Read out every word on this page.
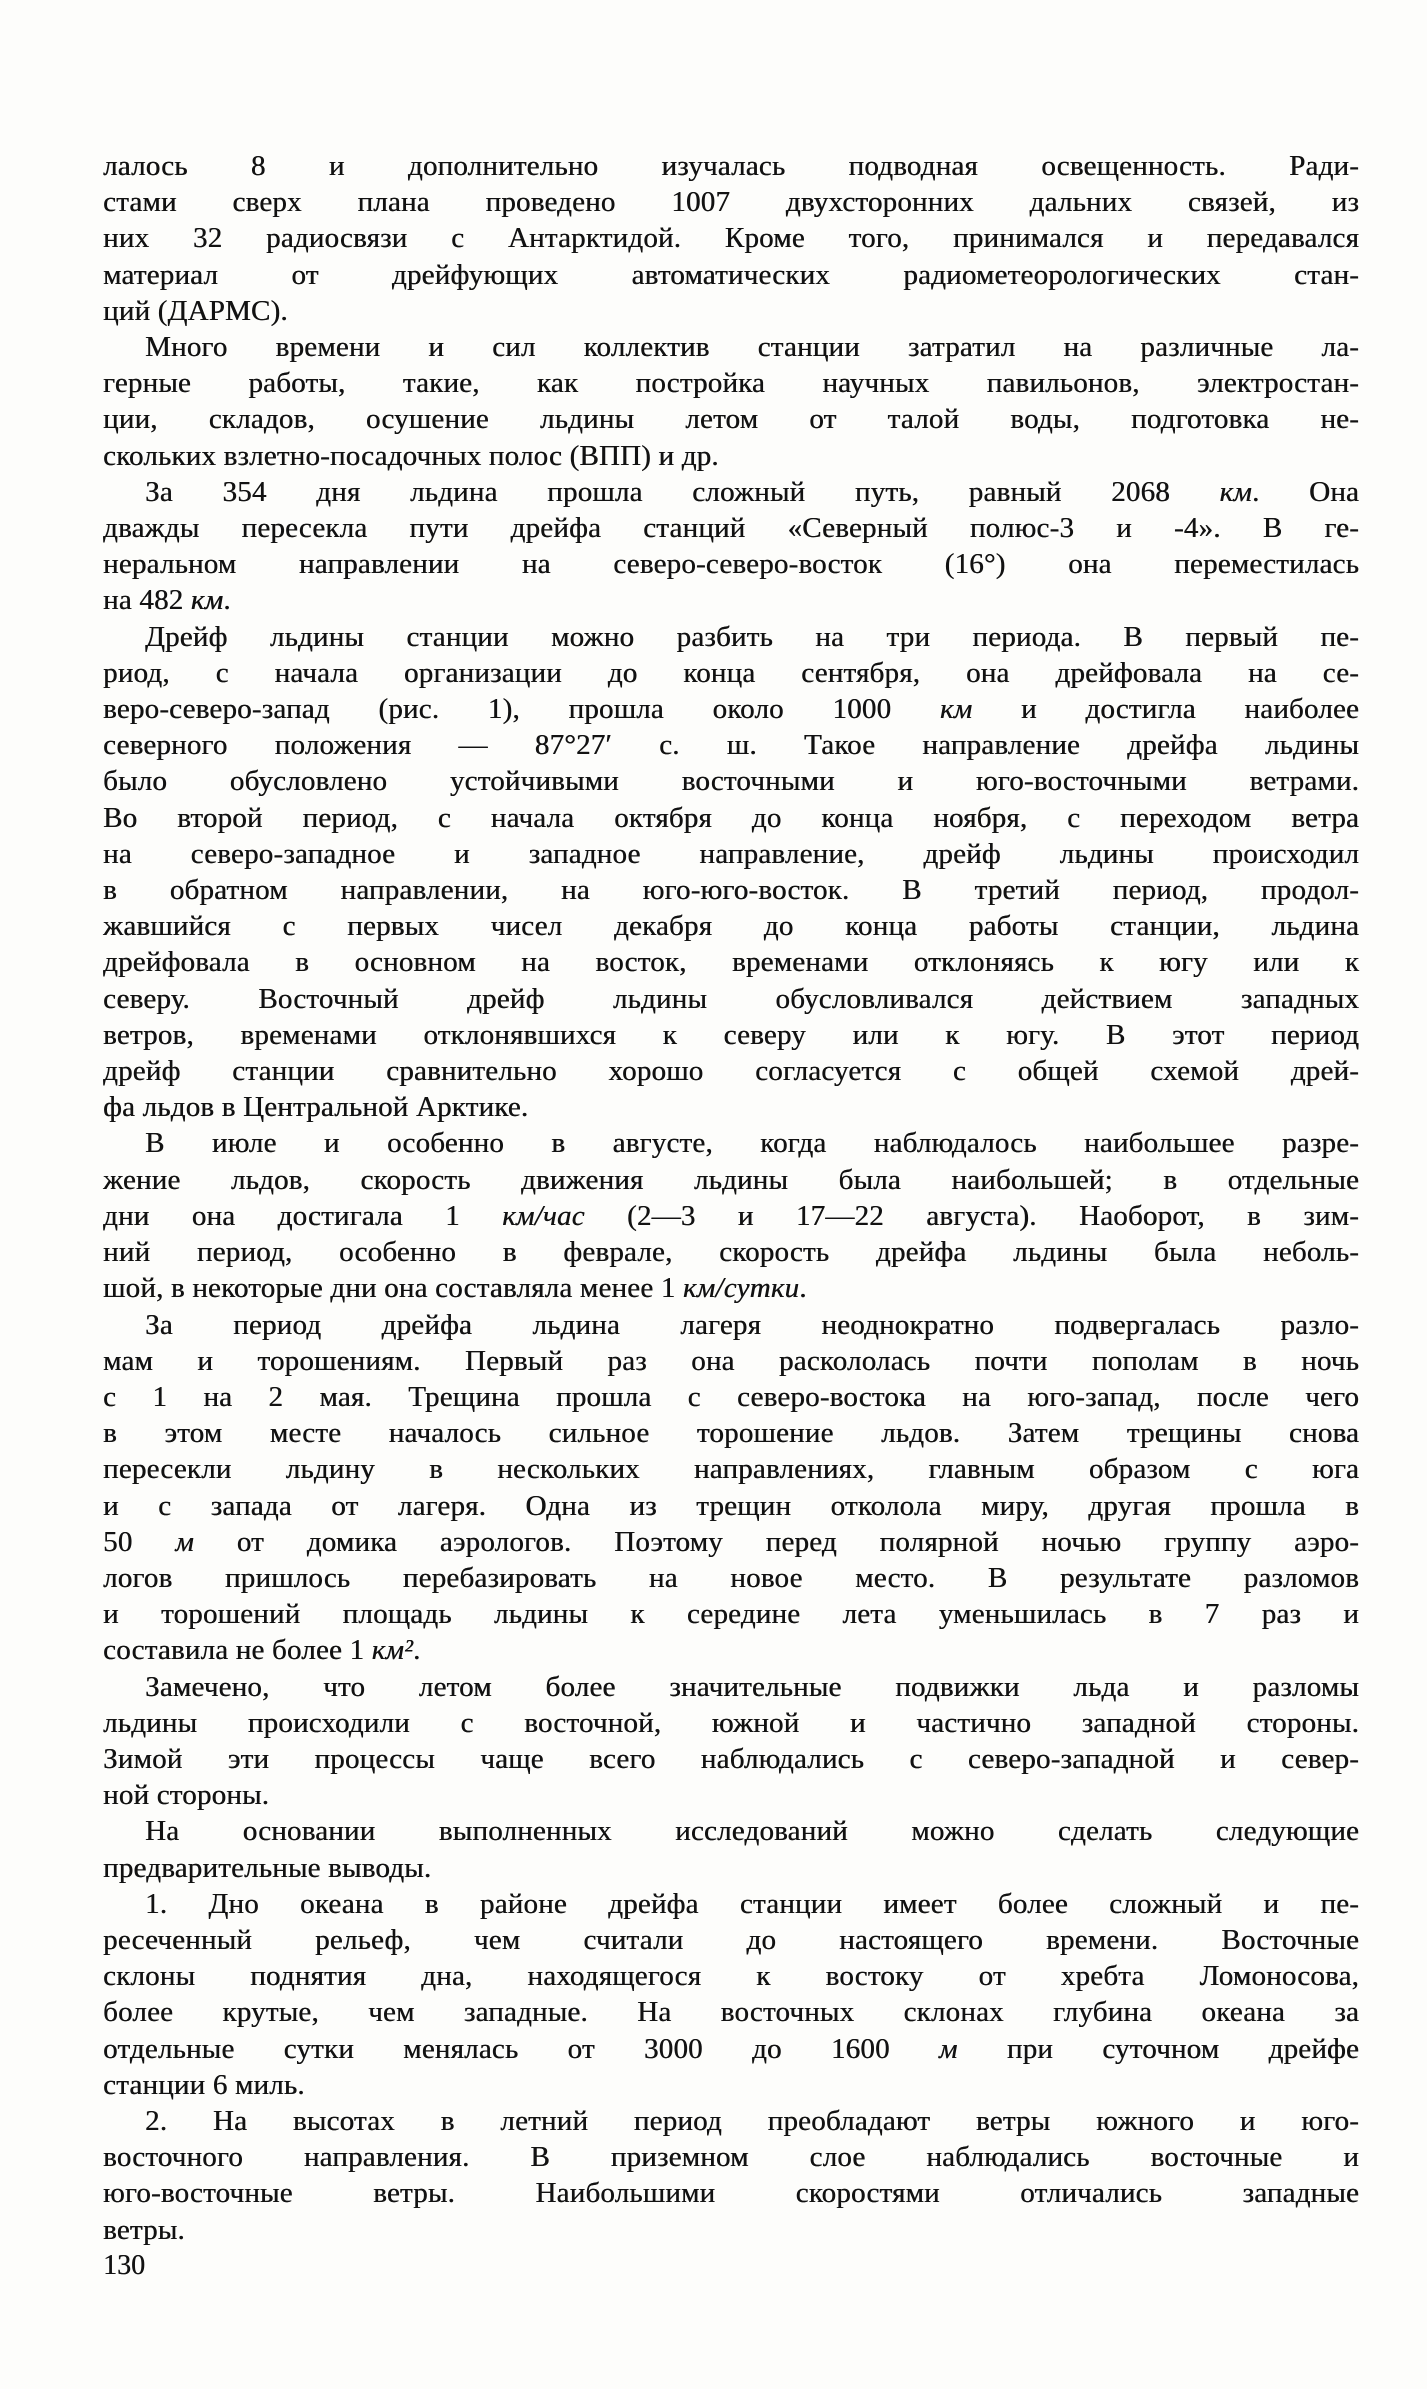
лалось 8 и дополнительно изучалась подводная освещенность. Ради-
стами сверх плана проведено 1007 двухсторонних дальних связей, из
них 32 радиосвязи с Антарктидой. Кроме того, принимался и передавался
материал от дрейфующих автоматических радиометеорологических стан-
ций (ДАРМС).
Много времени и сил коллектив станции затратил на различные ла-
герные работы, такие, как постройка научных павильонов, электростан-
ции, складов, осушение льдины летом от талой воды, подготовка не-
скольких взлетно-посадочных полос (ВПП) и др.
За 354 дня льдина прошла сложный путь, равный 2068 км. Она
дважды пересекла пути дрейфа станций «Северный полюс-3 и -4». В ге-
неральном направлении на северо-северо-восток (16°) она переместилась
на 482 км.
Дрейф льдины станции можно разбить на три периода. В первый пе-
риод, с начала организации до конца сентября, она дрейфовала на се-
веро-северо-запад (рис. 1), прошла около 1000 км и достигла наиболее
северного положения — 87°27′ с. ш. Такое направление дрейфа льдины
было обусловлено устойчивыми восточными и юго-восточными ветрами.
Во второй период, с начала октября до конца ноября, с переходом ветра
на северо-западное и западное направление, дрейф льдины происходил
в обратном направлении, на юго-юго-восток. В третий период, продол-
жавшийся с первых чисел декабря до конца работы станции, льдина
дрейфовала в основном на восток, временами отклоняясь к югу или к
северу. Восточный дрейф льдины обусловливался действием западных
ветров, временами отклонявшихся к северу или к югу. В этот период
дрейф станции сравнительно хорошо согласуется с общей схемой дрей-
фа льдов в Центральной Арктике.
В июле и особенно в августе, когда наблюдалось наибольшее разре-
жение льдов, скорость движения льдины была наибольшей; в отдельные
дни она достигала 1 км/час (2—3 и 17—22 августа). Наоборот, в зим-
ний период, особенно в феврале, скорость дрейфа льдины была неболь-
шой, в некоторые дни она составляла менее 1 км/сутки.
За период дрейфа льдина лагеря неоднократно подвергалась разло-
мам и торошениям. Первый раз она раскололась почти пополам в ночь
с 1 на 2 мая. Трещина прошла с северо-востока на юго-запад, после чего
в этом месте началось сильное торошение льдов. Затем трещины снова
пересекли льдину в нескольких направлениях, главным образом с юга
и с запада от лагеря. Одна из трещин отколола миру, другая прошла в
50 м от домика аэрологов. Поэтому перед полярной ночью группу аэро-
логов пришлось перебазировать на новое место. В результате разломов
и торошений площадь льдины к середине лета уменьшилась в 7 раз и
составила не более 1 км².
Замечено, что летом более значительные подвижки льда и разломы
льдины происходили с восточной, южной и частично западной стороны.
Зимой эти процессы чаще всего наблюдались с северо-западной и север-
ной стороны.
На основании выполненных исследований можно сделать следующие
предварительные выводы.
1. Дно океана в районе дрейфа станции имеет более сложный и пе-
ресеченный рельеф, чем считали до настоящего времени. Восточные
склоны поднятия дна, находящегося к востоку от хребта Ломоносова,
более крутые, чем западные. На восточных склонах глубина океана за
отдельные сутки менялась от 3000 до 1600 м при суточном дрейфе
станции 6 миль.
2. На высотах в летний период преобладают ветры южного и юго-
восточного направления. В приземном слое наблюдались восточные и
юго-восточные ветры. Наибольшими скоростями отличались западные
ветры.
130
